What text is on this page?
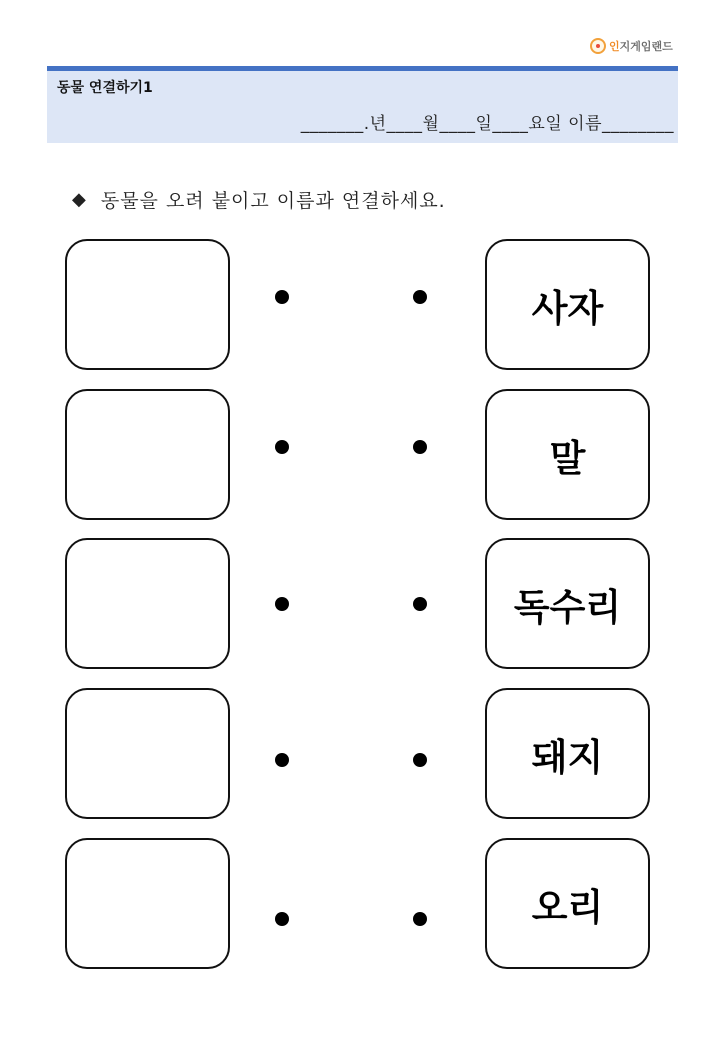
인지게임랜드
동물 연결하기1
_______.년____월____일____요일 이름________
◆ 동물을 오려 붙이고 이름과 연결하세요.
사자
말
독수리
돼지
오리
